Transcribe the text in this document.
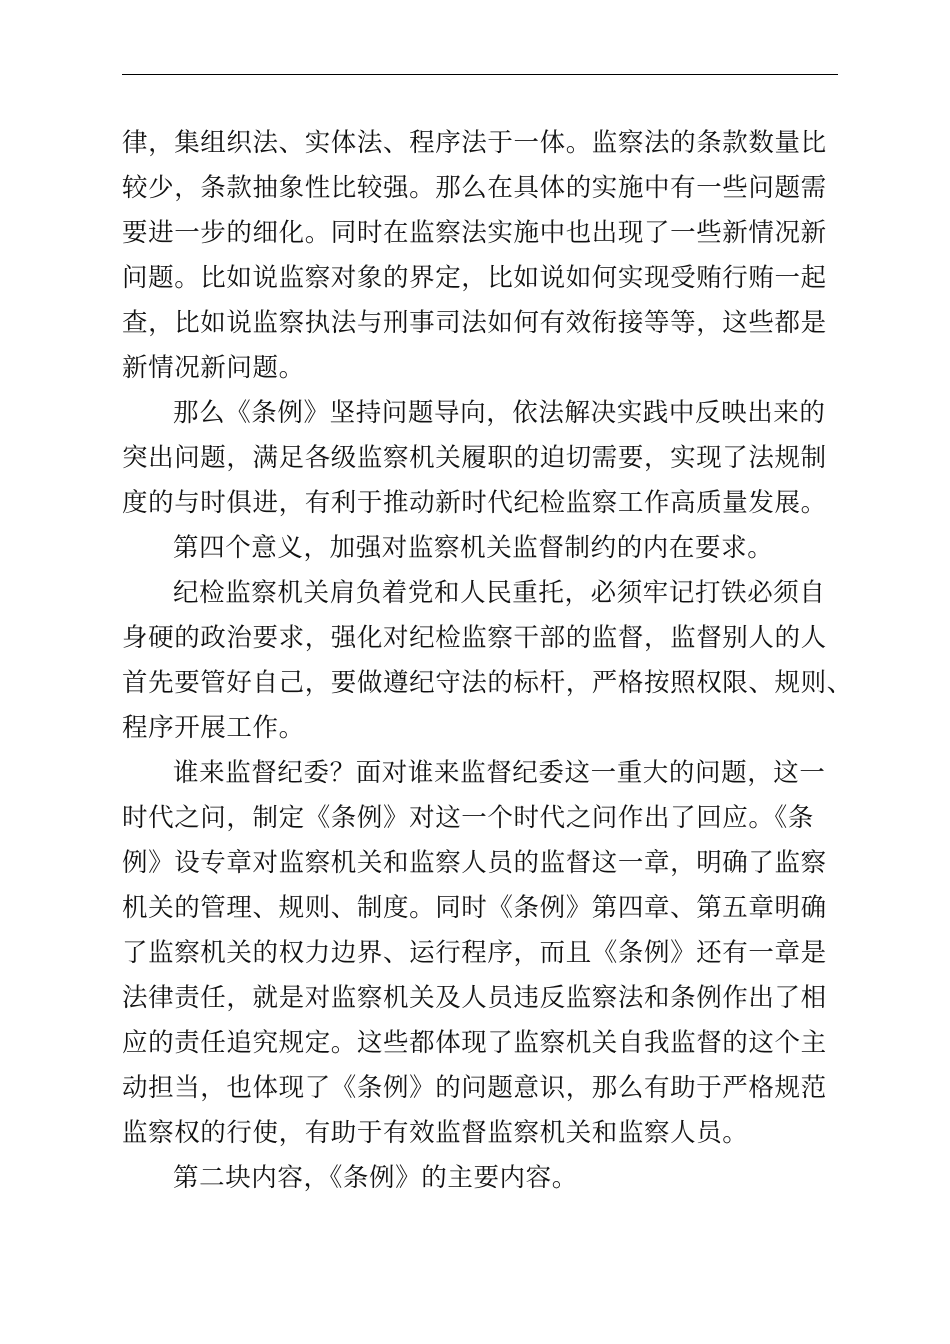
律，集组织法、实体法、程序法于一体。监察法的条款数量比
较少，条款抽象性比较强。那么在具体的实施中有一些问题需
要进一步的细化。同时在监察法实施中也出现了一些新情况新
问题。比如说监察对象的界定，比如说如何实现受贿行贿一起
查，比如说监察执法与刑事司法如何有效衔接等等，这些都是
新情况新问题。
那么《条例》坚持问题导向，依法解决实践中反映出来的
突出问题，满足各级监察机关履职的迫切需要，实现了法规制
度的与时俱进，有利于推动新时代纪检监察工作高质量发展。
第四个意义，加强对监察机关监督制约的内在要求。
纪检监察机关肩负着党和人民重托，必须牢记打铁必须自
身硬的政治要求，强化对纪检监察干部的监督，监督别人的人
首先要管好自己，要做遵纪守法的标杆，严格按照权限、规则、
程序开展工作。
谁来监督纪委？面对谁来监督纪委这一重大的问题，这一
时代之问，制定《条例》对这一个时代之问作出了回应。《条
例》设专章对监察机关和监察人员的监督这一章，明确了监察
机关的管理、规则、制度。同时《条例》第四章、第五章明确
了监察机关的权力边界、运行程序，而且《条例》还有一章是
法律责任，就是对监察机关及人员违反监察法和条例作出了相
应的责任追究规定。这些都体现了监察机关自我监督的这个主
动担当，也体现了《条例》的问题意识，那么有助于严格规范
监察权的行使，有助于有效监督监察机关和监察人员。
第二块内容，《条例》的主要内容。
